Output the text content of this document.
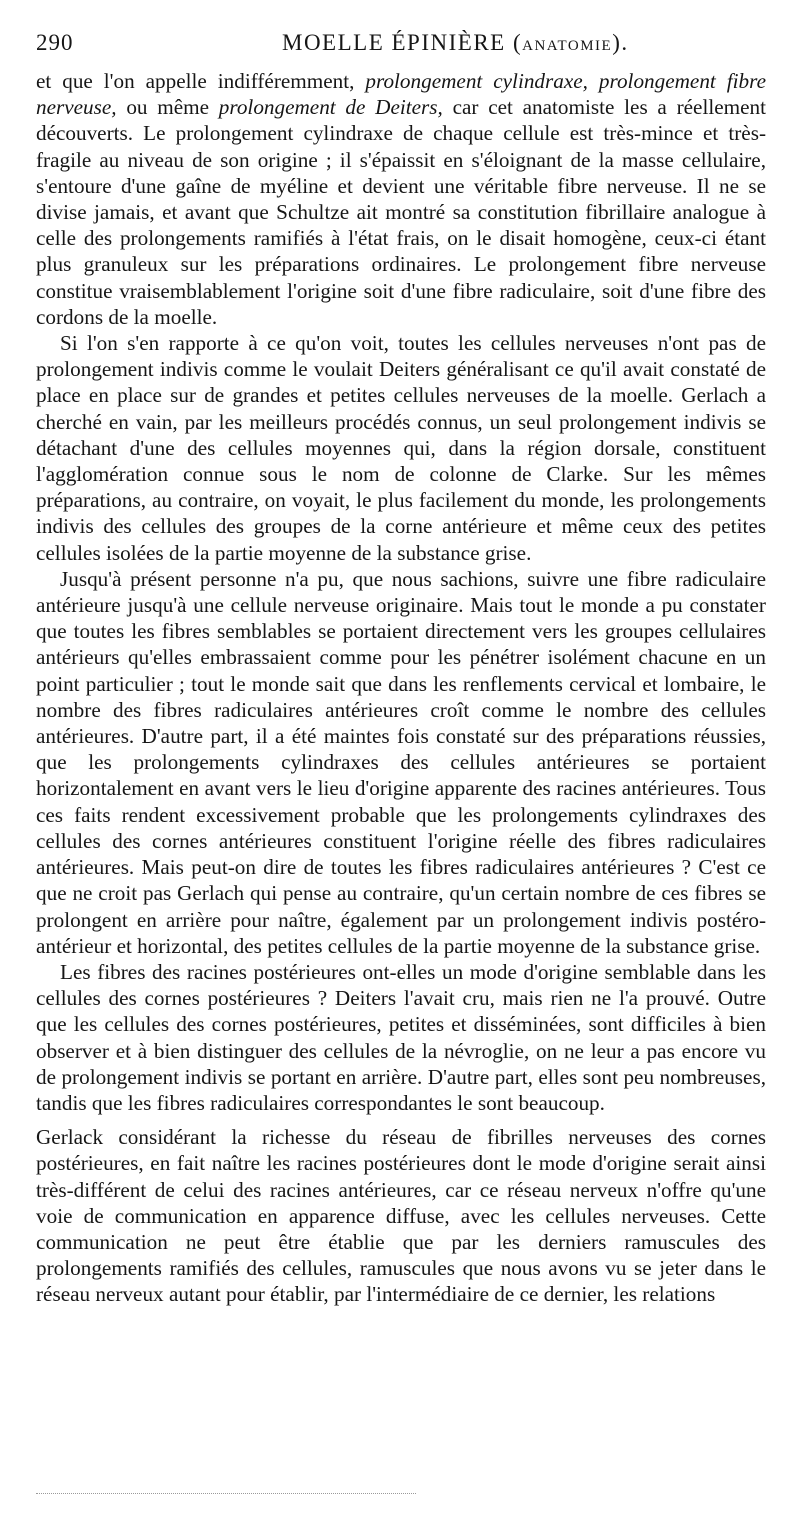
290	MOELLE ÉPINIÈRE (ANATOMIE).

et que l'on appelle indifféremment, prolongement cylindraxe, prolongement fibre nerveuse, ou même prolongement de Deiters, car cet anatomiste les a réellement découverts. Le prolongement cylindraxe de chaque cellule est très-mince et très-fragile au niveau de son origine ; il s'épaissit en s'éloignant de la masse cellulaire, s'entoure d'une gaîne de myéline et devient une véritable fibre nerveuse. Il ne se divise jamais, et avant que Schultze ait montré sa constitution fibrillaire analogue à celle des prolongements ramifiés à l'état frais, on le disait homogène, ceux-ci étant plus granuleux sur les préparations ordinaires. Le prolongement fibre nerveuse constitue vraisemblablement l'origine soit d'une fibre radiculaire, soit d'une fibre des cordons de la moelle.

Si l'on s'en rapporte à ce qu'on voit, toutes les cellules nerveuses n'ont pas de prolongement indivis comme le voulait Deiters généralisant ce qu'il avait constaté de place en place sur de grandes et petites cellules nerveuses de la moelle. Gerlach a cherché en vain, par les meilleurs procédés connus, un seul prolongement indivis se détachant d'une des cellules moyennes qui, dans la région dorsale, constituent l'agglomération connue sous le nom de colonne de Clarke. Sur les mêmes préparations, au contraire, on voyait, le plus facilement du monde, les prolongements indivis des cellules des groupes de la corne antérieure et même ceux des petites cellules isolées de la partie moyenne de la substance grise.

Jusqu'à présent personne n'a pu, que nous sachions, suivre une fibre radiculaire antérieure jusqu'à une cellule nerveuse originaire. Mais tout le monde a pu constater que toutes les fibres semblables se portaient directement vers les groupes cellulaires antérieurs qu'elles embrassaient comme pour les pénétrer isolément chacune en un point particulier ; tout le monde sait que dans les renflements cervical et lombaire, le nombre des fibres radiculaires antérieures croît comme le nombre des cellules antérieures. D'autre part, il a été maintes fois constaté sur des préparations réussies, que les prolongements cylindraxes des cellules antérieures se portaient horizontalement en avant vers le lieu d'origine apparente des racines antérieures. Tous ces faits rendent excessivement probable que les prolongements cylindraxes des cellules des cornes antérieures constituent l'origine réelle des fibres radiculaires antérieures. Mais peut-on dire de toutes les fibres radiculaires antérieures ? C'est ce que ne croit pas Gerlach qui pense au contraire, qu'un certain nombre de ces fibres se prolongent en arrière pour naître, également par un prolongement indivis postéro-antérieur et horizontal, des petites cellules de la partie moyenne de la substance grise.

Les fibres des racines postérieures ont-elles un mode d'origine semblable dans les cellules des cornes postérieures ? Deiters l'avait cru, mais rien ne l'a prouvé. Outre que les cellules des cornes postérieures, petites et disséminées, sont difficiles à bien observer et à bien distinguer des cellules de la névroglie, on ne leur a pas encore vu de prolongement indivis se portant en arrière. D'autre part, elles sont peu nombreuses, tandis que les fibres radiculaires correspondantes le sont beaucoup.

Gerlack considérant la richesse du réseau de fibrilles nerveuses des cornes postérieures, en fait naître les racines postérieures dont le mode d'origine serait ainsi très-différent de celui des racines antérieures, car ce réseau nerveux n'offre qu'une voie de communication en apparence diffuse, avec les cellules nerveuses. Cette communication ne peut être établie que par les derniers ramuscules des prolongements ramifiés des cellules, ramuscules que nous avons vu se jeter dans le réseau nerveux autant pour établir, par l'intermédiaire de ce dernier, les relations
